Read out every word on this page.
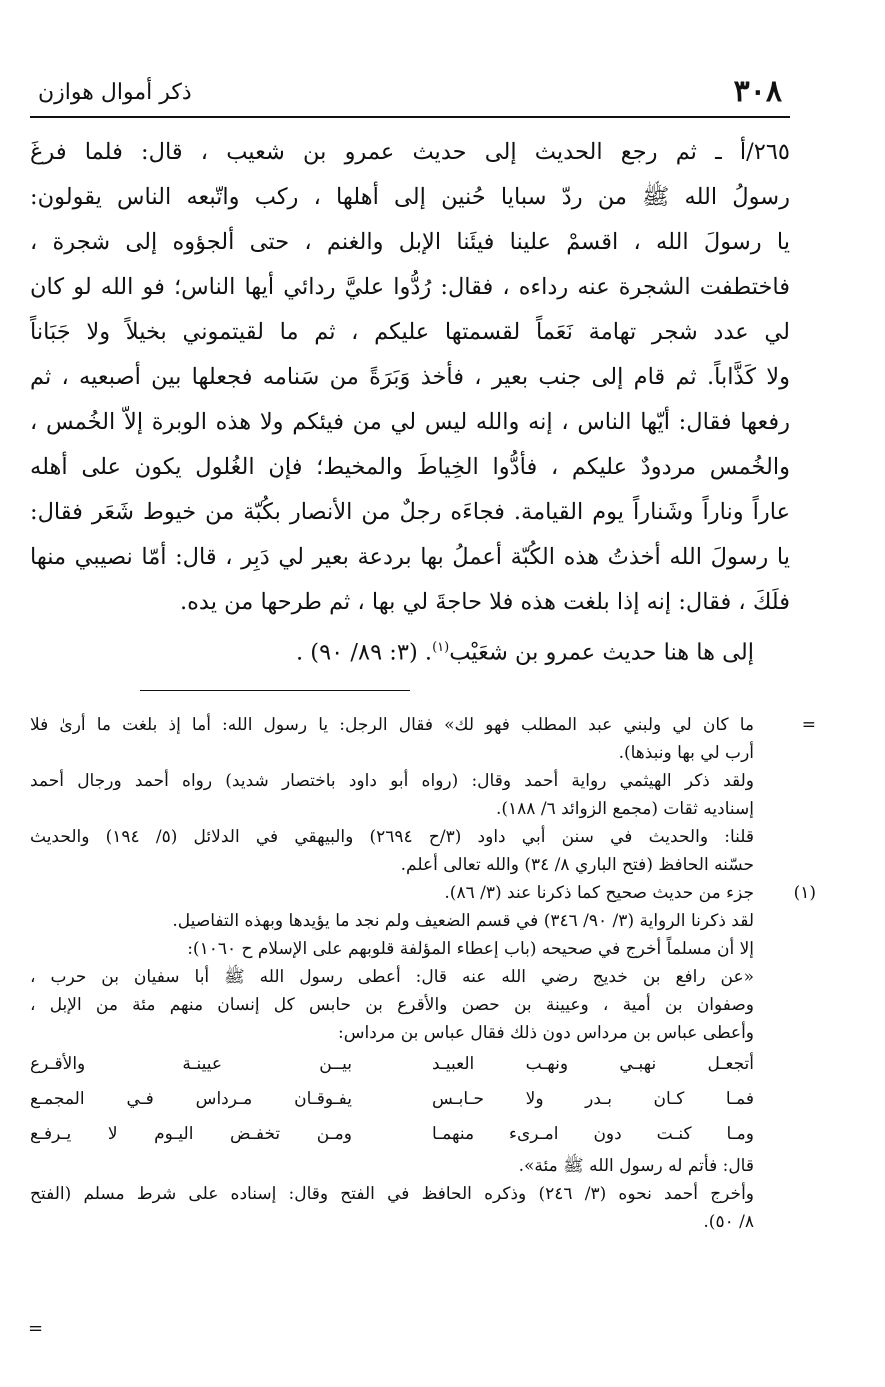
٣٠٨
ذكر أموال هوازن
٢٦٥/أ ـ ثم رجع الحديث إلى حديث عمرو بن شعيب ، قال: فلما فرغَ
رسولُ الله ﷺ من ردّ سبايا حُنين إلى أهلها ، ركب واتّبعه الناس يقولون:
يا رسولَ الله ، اقسمْ علينا فيئَنا الإبل والغنم ، حتى ألجؤوه إلى شجرة ،
فاختطفت الشجرة عنه رداءه ، فقال: رُدُّوا عليَّ ردائي أيها الناس؛ فو الله لو كان
لي عدد شجر تهامة نَعَماً لقسمتها عليكم ، ثم ما لقيتموني بخيلاً ولا جَبَاناً
ولا كَذَّاباً. ثم قام إلى جنب بعير ، فأخذ وَبَرَةً من سَنامه فجعلها بين أصبعيه ، ثم
رفعها فقال: أيّها الناس ، إنه والله ليس لي من فيئكم ولا هذه الوبرة إلاّ الخُمس ،
والخُمس مردودٌ عليكم ، فأدُّوا الخِياطَ والمخيط؛ فإن الغُلول يكون على أهله
عاراً وناراً وشَناراً يوم القيامة. فجاءَه رجلٌ من الأنصار بكُبّة من خيوط شَعَر فقال:
يا رسولَ الله أخذتُ هذه الكُبّة أعملُ بها بردعة بعير لي دَبِر ، قال: أمّا نصيبي منها
فلَكَ ، فقال: إنه إذا بلغت هذه فلا حاجةَ لي بها ، ثم طرحها من يده.
إلى ها هنا حديث عمرو بن شعَيْب$^{(١)}$. (٣: ٨٩/ ٩٠) .
=
ما كان لي ولبني عبد المطلب فهو لك» فقال الرجل: يا رسول الله: أما إذ بلغت ما أرىٰ فلا
أرب لي بها ونبذها).
ولقد ذكر الهيثمي رواية أحمد وقال: (رواه أبو داود باختصار شديد) رواه أحمد ورجال أحمد
إسناديه ثقات (مجمع الزوائد ٦/ ١٨٨).
قلنا: والحديث في سنن أبي داود (٣/ح ٢٦٩٤) والبيهقي في الدلائل (٥/ ١٩٤) والحديث
حسّنه الحافظ (فتح الباري ٨/ ٣٤) والله تعالى أعلم.
(١)
جزء من حديث صحيح كما ذكرنا عند (٣/ ٨٦).
لقد ذكرنا الرواية (٣/ ٩٠/ ٣٤٦) في قسم الضعيف ولم نجد ما يؤيدها وبهذه التفاصيل.
إلا أن مسلماً أخرج في صحيحه (باب إعطاء المؤلفة قلوبهم على الإسلام ح ١٠٦٠):
«عن رافع بن خديج رضي الله عنه قال: أعطى رسول الله ﷺ أبا سفيان بن حرب ،
وصفوان بن أمية ، وعيينة بن حصن والأقرع بن حابس كل إنسان منهم مئة من الإبل ،
وأعطى عباس بن مرداس دون ذلك فقال عباس بن مرداس:
أتجعـل نهبـي ونهـب العبيـد
بيــن عيينـة والأقـرع
فمـا كـان بـدر ولا حـابـس
يفـوقـان مـرداس فـي المجمـع
ومـا كنـت دون امـرىء منهمـا
ومـن تخفـض اليـوم لا يـرفـع
قال: فأتم له رسول الله ﷺ مئة».
وأخرج أحمد نحوه (٣/ ٢٤٦) وذكره الحافظ في الفتح وقال: إسناده على شرط مسلم (الفتح
٨/ ٥٠).
=
